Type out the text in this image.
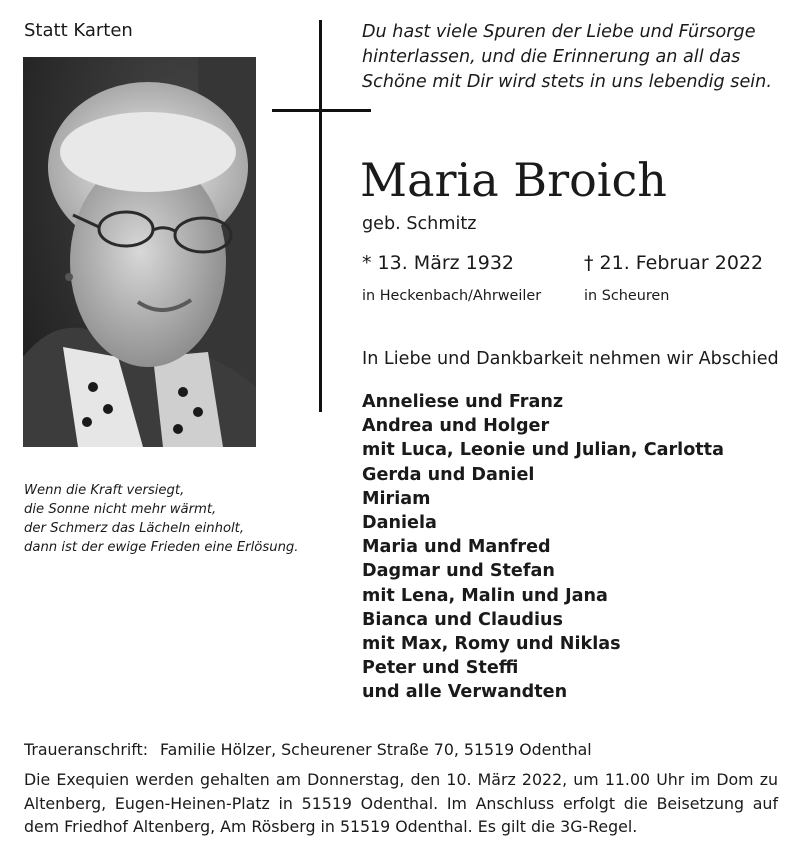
Statt Karten
Wenn die Kraft versiegt,
die Sonne nicht mehr wärmt,
der Schmerz das Lächeln einholt,
dann ist der ewige Frieden eine Erlösung.
Du hast viele Spuren der Liebe und Fürsorge
hinterlassen, und die Erinnerung an all das
Schöne mit Dir wird stets in uns lebendig sein.
Maria Broich
geb. Schmitz
* 13. März 1932	† 21. Februar 2022
in Heckenbach/Ahrweiler	in Scheuren
In Liebe und Dankbarkeit nehmen wir Abschied
Anneliese und Franz
Andrea und Holger
mit Luca, Leonie und Julian, Carlotta
Gerda und Daniel
Miriam
Daniela
Maria und Manfred
Dagmar und Stefan
mit Lena, Malin und Jana
Bianca und Claudius
mit Max, Romy und Niklas
Peter und Steffi
und alle Verwandten
Traueranschrift: Familie Hölzer, Scheurener Straße 70, 51519 Odenthal
Die Exequien werden gehalten am Donnerstag, den 10. März 2022, um 11.00 Uhr im Dom zu
Altenberg, Eugen-Heinen-Platz in 51519 Odenthal. Im Anschluss erfolgt die Beisetzung auf
dem Friedhof Altenberg, Am Rösberg in 51519 Odenthal. Es gilt die 3G-Regel.
